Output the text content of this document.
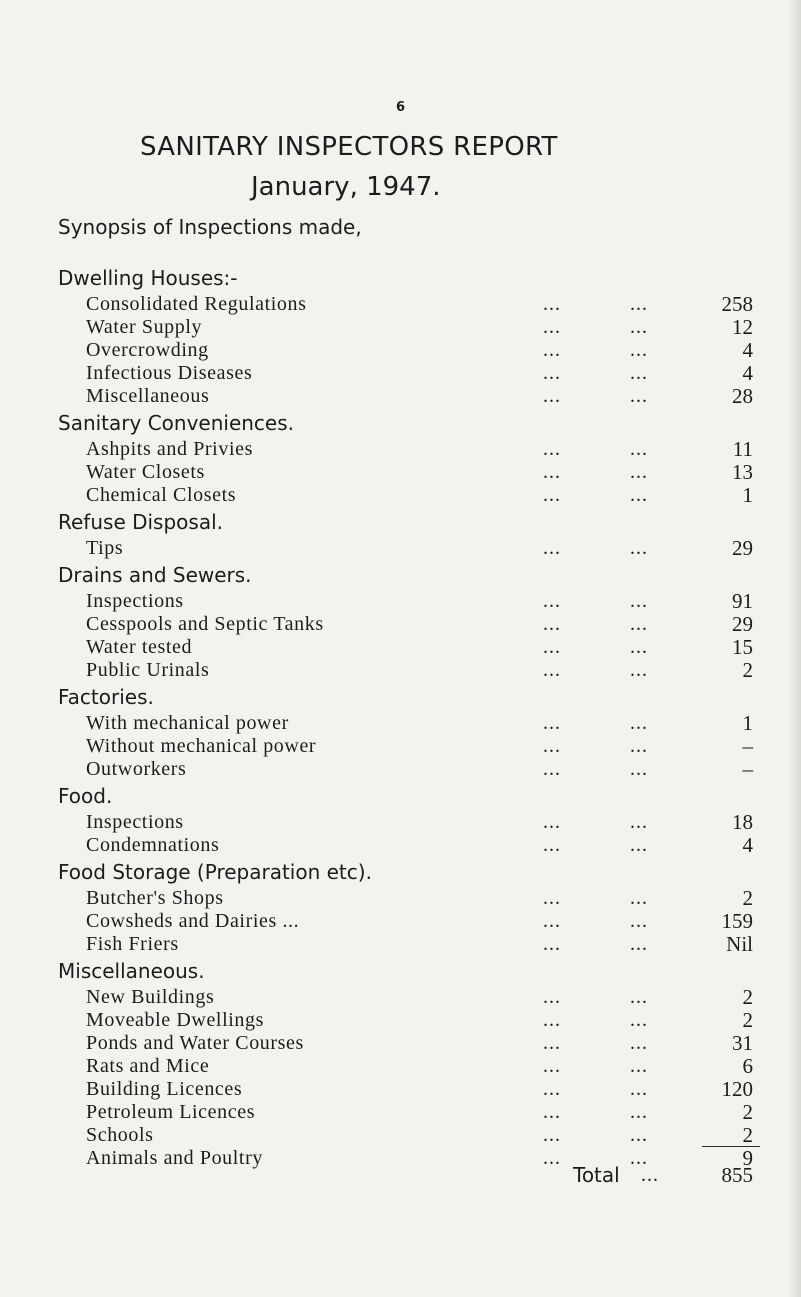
6
SANITARY INSPECTORS REPORT
January, 1947.
Synopsis of Inspections made,
Dwelling Houses:-
Consolidated Regulations	...	...	258
Water Supply	...	...	12
Overcrowding	...	...	4
Infectious Diseases	...	...	4
Miscellaneous	...	...	28
Sanitary Conveniences.
Ashpits and Privies	...	...	11
Water Closets	...	...	13
Chemical Closets	...	...	1
Refuse Disposal.
Tips	...	...	29
Drains and Sewers.
Inspections	...	...	91
Cesspools and Septic Tanks	...	...	29
Water tested	...	...	15
Public Urinals	...	...	2
Factories.
With mechanical power	...	...	1
Without mechanical power	...	...	–
Outworkers	...	...	–
Food.
Inspections	...	...	18
Condemnations	...	...	4
Food Storage (Preparation etc).
Butcher's Shops	...	...	2
Cowsheds and Dairies ...	...	...	159
Fish Friers	...	...	Nil
Miscellaneous.
New Buildings	...	...	2
Moveable Dwellings	...	...	2
Ponds and Water Courses	...	...	31
Rats and Mice	...	...	6
Building Licences	...	...	120
Petroleum Licences	...	...	2
Schools	...	...	2
Animals and Poultry	...	...	9
Total ...	855
